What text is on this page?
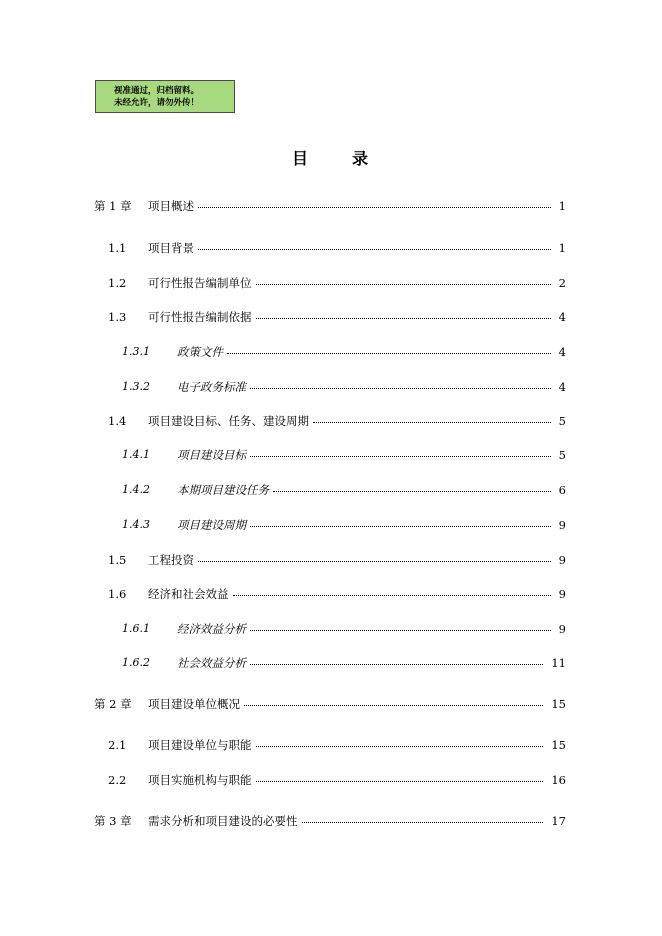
视准通过，归档留料。
未经允许，请勿外传！
目	录
第 1 章 项目概述	1
1.1 项目背景	1
1.2 可行性报告编制单位	2
1.3 可行性报告编制依据	4
1.3.1 政策文件	4
1.3.2 电子政务标准	4
1.4 项目建设目标、任务、建设周期	5
1.4.1 项目建设目标	5
1.4.2 本期项目建设任务	6
1.4.3 项目建设周期	9
1.5 工程投资	9
1.6 经济和社会效益	9
1.6.1 经济效益分析	9
1.6.2 社会效益分析	11
第 2 章 项目建设单位概况	15
2.1 项目建设单位与职能	15
2.2 项目实施机构与职能	16
第 3 章 需求分析和项目建设的必要性	17
